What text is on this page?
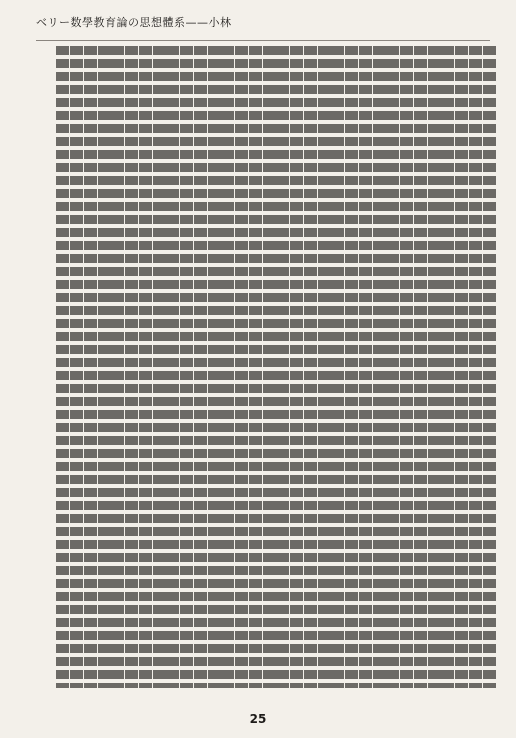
ベリー数學教育論の思想體系——小林
25
